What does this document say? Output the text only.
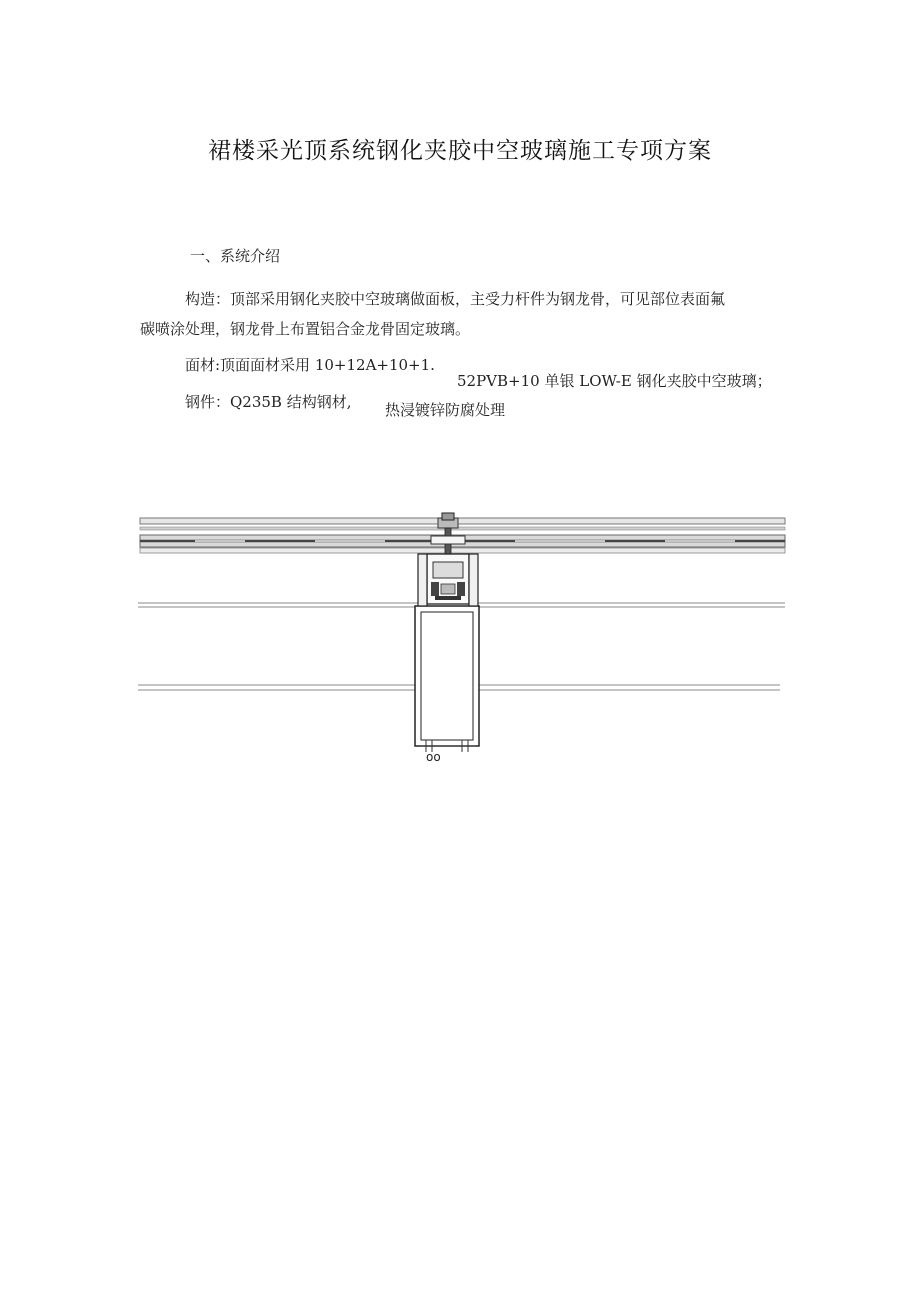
裙楼采光顶系统钢化夹胶中空玻璃施工专项方案
一、系统介绍
构造：顶部采用钢化夹胶中空玻璃做面板，主受力杆件为钢龙骨，可见部位表面氟
碳喷涂处理，钢龙骨上布置铝合金龙骨固定玻璃。
面材:顶面面材采用 10+12A+10+1.
52PVB+10 单银 LOW-E 钢化夹胶中空玻璃；
钢件：Q235B 结构钢材, 热浸镀锌防腐处理
oo
